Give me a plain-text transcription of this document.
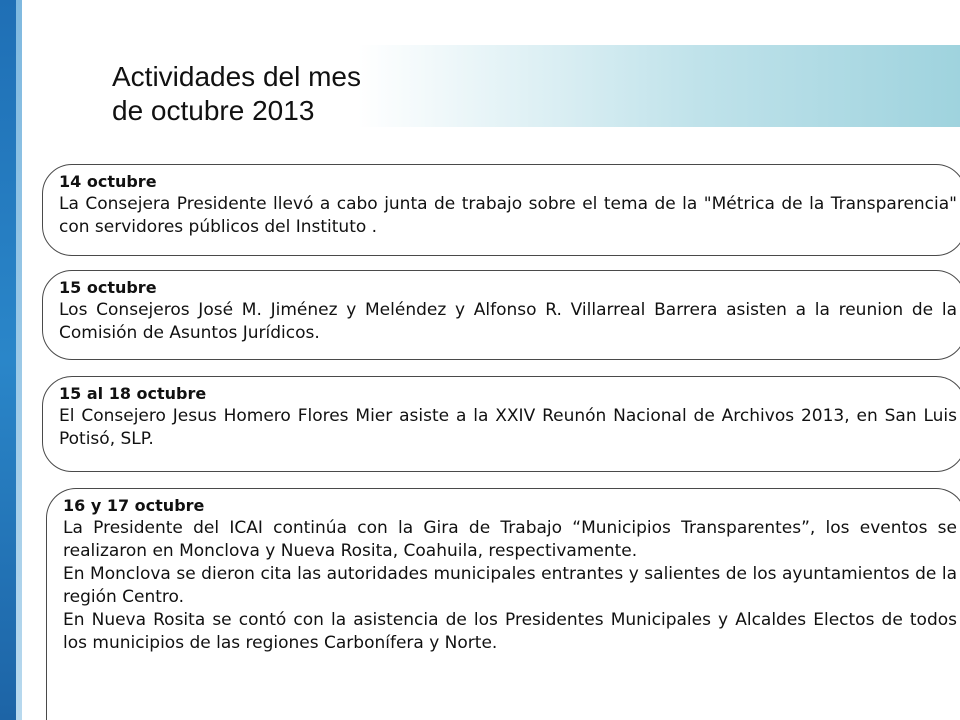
Actividades del mes
de octubre 2013
14 octubre

La Consejera Presidente llevó a cabo junta de trabajo sobre el tema de la "Métrica de la Transparencia" con servidores públicos del Instituto .

15 octubre

Los Consejeros José M. Jiménez y Meléndez y Alfonso R. Villarreal Barrera asisten a la reunion de la Comisión de Asuntos Jurídicos.

15 al 18 octubre

El Consejero Jesus Homero Flores Mier asiste a la XXIV Reunón Nacional de Archivos 2013, en San Luis Potisó, SLP.

16 y 17 octubre

La Presidente del ICAI continúa con la Gira de Trabajo “Municipios Transparentes”, los eventos se realizaron en Monclova y Nueva Rosita, Coahuila, respectivamente.

En Monclova se dieron cita las autoridades municipales entrantes y salientes de los ayuntamientos de la región Centro.

En Nueva Rosita se contó con la asistencia de los Presidentes Municipales y Alcaldes Electos de todos los municipios de las regiones Carbonífera y Norte.
